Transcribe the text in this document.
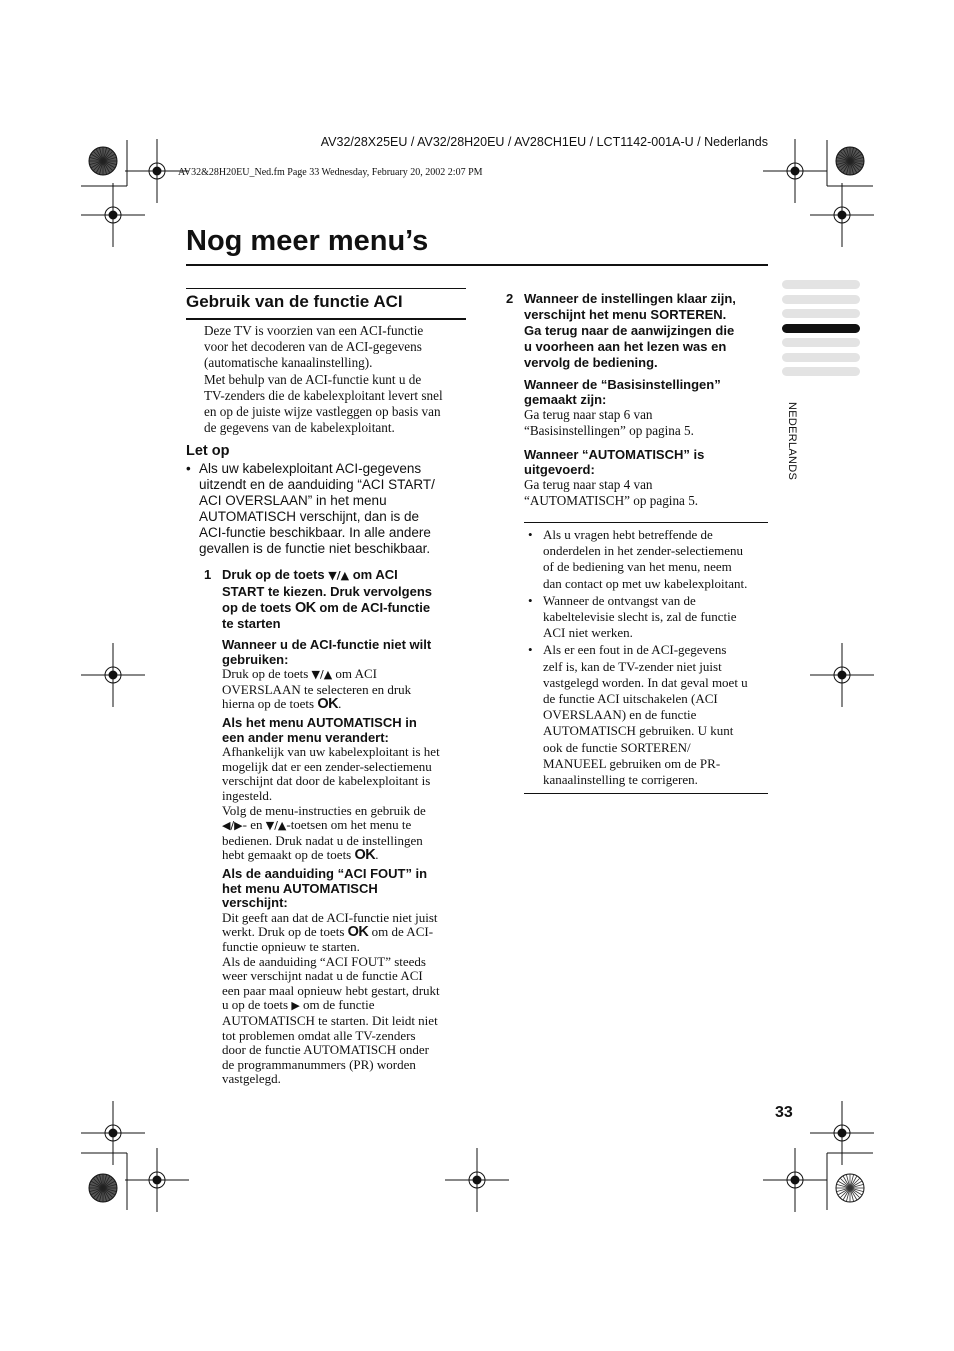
AV32/28X25EU / AV32/28H20EU / AV28CH1EU / LCT1142-001A-U / Nederlands
AV32&28H20EU_Ned.fm Page 33 Wednesday, February 20, 2002 2:07 PM
Nog meer menu’s
NEDERLANDS
Gebruik van de functie ACI
Deze TV is voorzien van een ACI-functie
voor het decoderen van de ACI-gegevens
(automatische kanaalinstelling).
Met behulp van de ACI-functie kunt u de
TV-zenders die de kabelexploitant levert snel
en op de juiste wijze vastleggen op basis van
de gegevens van de kabelexploitant.
Let op
• Als uw kabelexploitant ACI-gegevens
uitzendt en de aanduiding “ACI START/
ACI OVERSLAAN” in het menu
AUTOMATISCH verschijnt, dan is de
ACI-functie beschikbaar. In alle andere
gevallen is de functie niet beschikbaar.
1 Druk op de toets ▼/▲ om ACI
START te kiezen. Druk vervolgens
op de toets OK om de ACI-functie
te starten
Wanneer u de ACI-functie niet wilt
gebruiken:
Druk op de toets ▼/▲ om ACI
OVERSLAAN te selecteren en druk
hierna op de toets OK.
Als het menu AUTOMATISCH in
een ander menu verandert:
Afhankelijk van uw kabelexploitant is het
mogelijk dat er een zender-selectiemenu
verschijnt dat door de kabelexploitant is
ingesteld.
Volg de menu-instructies en gebruik de
◀/▶- en ▼/▲-toetsen om het menu te
bedienen. Druk nadat u de instellingen
hebt gemaakt op de toets OK.
Als de aanduiding “ACI FOUT” in
het menu AUTOMATISCH
verschijnt:
Dit geeft aan dat de ACI-functie niet juist
werkt. Druk op de toets OK om de ACI-
functie opnieuw te starten.
Als de aanduiding “ACI FOUT” steeds
weer verschijnt nadat u de functie ACI
een paar maal opnieuw hebt gestart, drukt
u op de toets ▶ om de functie
AUTOMATISCH te starten. Dit leidt niet
tot problemen omdat alle TV-zenders
door de functie AUTOMATISCH onder
de programmanummers (PR) worden
vastgelegd.
2 Wanneer de instellingen klaar zijn,
verschijnt het menu SORTEREN.
Ga terug naar de aanwijzingen die
u voorheen aan het lezen was en
vervolg de bediening.
Wanneer de “Basisinstellingen”
gemaakt zijn:
Ga terug naar stap 6 van
“Basisinstellingen” op pagina 5.
Wanneer “AUTOMATISCH” is
uitgevoerd:
Ga terug naar stap 4 van
“AUTOMATISCH” op pagina 5.
• Als u vragen hebt betreffende de
onderdelen in het zender-selectiemenu
of de bediening van het menu, neem
dan contact op met uw kabelexploitant.
• Wanneer de ontvangst van de
kabeltelevisie slecht is, zal de functie
ACI niet werken.
• Als er een fout in de ACI-gegevens
zelf is, kan de TV-zender niet juist
vastgelegd worden. In dat geval moet u
de functie ACI uitschakelen (ACI
OVERSLAAN) en de functie
AUTOMATISCH gebruiken. U kunt
ook de functie SORTEREN/
MANUEEL gebruiken om de PR-
kanaalinstelling te corrigeren.
33
